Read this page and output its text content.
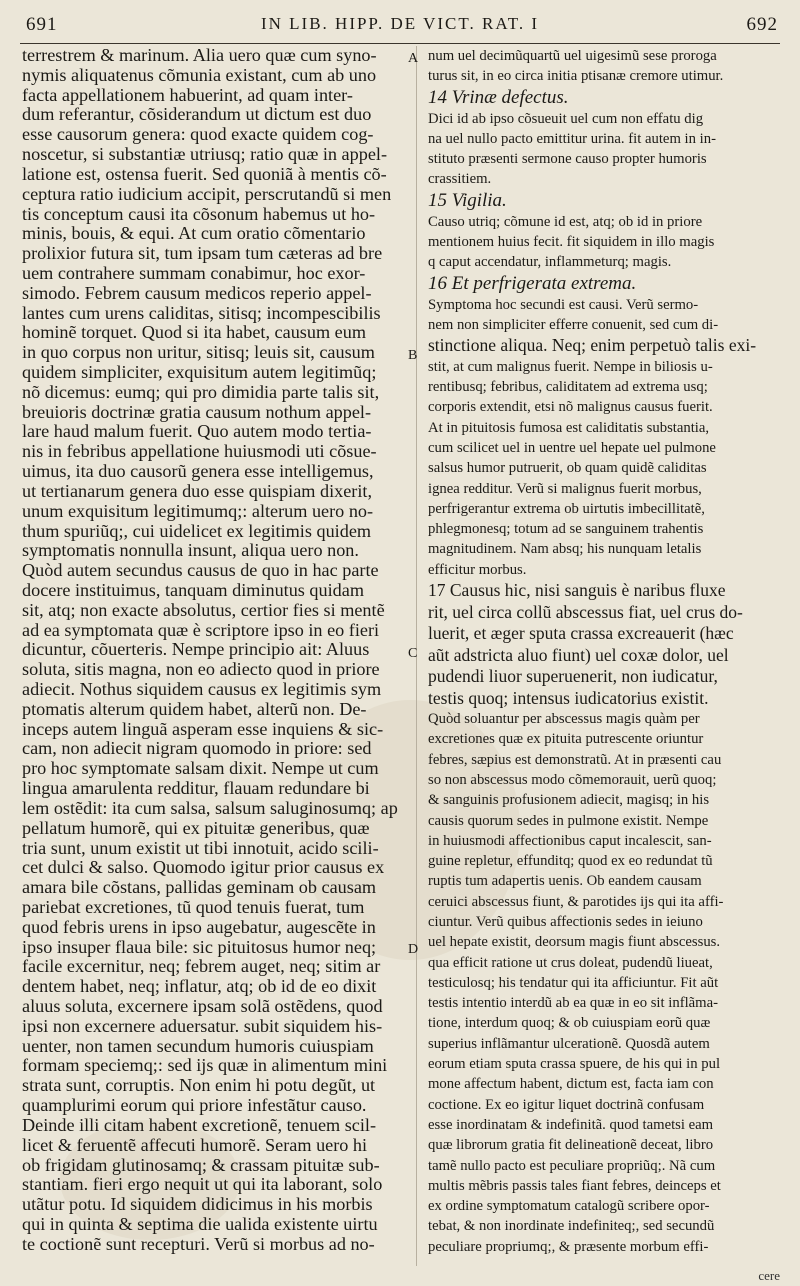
691	IN LIB. HIPP. DE VICT. RAT. I	692
terrestrem & marinum. Alia uero quæ cum syno-
nymis aliquatenus cõmunia existant, cum ab uno
facta appellationem habuerint, ad quam inter-
dum referantur, cõsiderandum ut dictum est duo
esse causorum genera: quod exacte quidem cog-
noscetur, si substantiæ utriusq; ratio quæ in appel-
latione est, ostensa fuerit. Sed quoniã à mentis cõ-
ceptura ratio iudicium accipit, perscrutandũ si men
tis conceptum causi ita cõsonum habemus ut ho-
minis, bouis, & equi. At cum oratio cõmentario
prolixior futura sit, tum ipsam tum cæteras ad bre
uem contrahere summam conabimur, hoc exor-
simodo. Febrem causum medicos reperio appel-
lantes cum urens caliditas, sitisq; incompescibilis
hominẽ torquet. Quod si ita habet, causum eum
in quo corpus non uritur, sitisq; leuis sit, causum
quidem simpliciter, exquisitum autem legitimũq;
nõ dicemus: eumq; qui pro dimidia parte talis sit,
breuioris doctrinæ gratia causum nothum appel-
lare haud malum fuerit. Quo autem modo tertia-
nis in febribus appellatione huiusmodi uti cõsue-
uimus, ita duo causorũ genera esse intelligemus,
ut tertianarum genera duo esse quispiam dixerit,
unum exquisitum legitimumq;: alterum uero no-
thum spuriũq;, cui uidelicet ex legitimis quidem
symptomatis nonnulla insunt, aliqua uero non.
Quòd autem secundus causus de quo in hac parte
docere instituimus, tanquam diminutus quidam
sit, atq; non exacte absolutus, certior fies si mentẽ
ad ea symptomata quæ è scriptore ipso in eo fieri
dicuntur, cõuerteris. Nempe principio ait: Aluus
soluta, sitis magna, non eo adiecto quod in priore
adiecit. Nothus siquidem causus ex legitimis sym
ptomatis alterum quidem habet, alterũ non. De-
inceps autem linguã asperam esse inquiens & sic-
cam, non adiecit nigram quomodo in priore: sed
pro hoc symptomate salsam dixit. Nempe ut cum
lingua amarulenta redditur, flauam redundare bi
lem ostẽdit: ita cum salsa, salsum saluginosumq; ap
pellatum humorẽ, qui ex pituitæ generibus, quæ
tria sunt, unum existit ut tibi innotuit, acido scili-
cet dulci & salso. Quomodo igitur prior causus ex
amara bile cõstans, pallidas geminam ob causam
pariebat excretiones, tũ quod tenuis fuerat, tum
quod febris urens in ipso augebatur, augescẽte in
ipso insuper flaua bile: sic pituitosus humor neq;
facile excernitur, neq; febrem auget, neq; sitim ar
dentem habet, neq; inflatur, atq; ob id de eo dixit
aluus soluta, excernere ipsam solã ostẽdens, quod
ipsi non excernere aduersatur. subit siquidem his-
uenter, non tamen secundum humoris cuiuspiam
formam speciemq;: sed ijs quæ in alimentum mini
strata sunt, corruptis. Non enim hi potu degũt, ut
quamplurimi eorum qui priore infestãtur causo.
Deinde illi citam habent excretionẽ, tenuem scil-
licet & feruentẽ affecuti humorẽ. Seram uero hi
ob frigidam glutinosamq; & crassam pituitæ sub-
stantiam. fieri ergo nequit ut qui ita laborant, solo
utãtur potu. Id siquidem didicimus in his morbis
qui in quinta & septima die ualida existente uirtu
te coctionẽ sunt recepturi. Verũ si morbus ad no-
A
B
C
D
num uel decimũquartũ uel uigesimũ sese proroga
turus sit, in eo circa initia ptisanæ cremore utimur.
14 Vrinæ defectus.
Dici id ab ipso cõsueuit uel cum non effatu dig
na uel nullo pacto emittitur urina. fit autem in in-
stituto præsenti sermone causo propter humoris
crassitiem.
15 Vigilia.
Causo utriq; cõmune id est, atq; ob id in priore
mentionem huius fecit. fit siquidem in illo magis
q caput accendatur, inflammeturq; magis.
16 Et perfrigerata extrema.
Symptoma hoc secundi est causi. Verũ sermo-
nem non simpliciter efferre conuenit, sed cum di-
stinctione aliqua. Neq; enim perpetuò talis exi-
stit, at cum malignus fuerit. Nempe in biliosis u-
rentibusq; febribus, caliditatem ad extrema usq;
corporis extendit, etsi nõ malignus causus fuerit.
At in pituitosis fumosa est caliditatis substantia,
cum scilicet uel in uentre uel hepate uel pulmone
salsus humor putruerit, ob quam quidẽ caliditas
ignea redditur. Verũ si malignus fuerit morbus,
perfrigerantur extrema ob uirtutis imbecillitatẽ,
phlegmonesq; totum ad se sanguinem trahentis
magnitudinem. Nam absq; his nunquam letalis
efficitur morbus.
17 Causus hic, nisi sanguis è naribus fluxe
rit, uel circa collũ abscessus fiat, uel crus do-
luerit, et æger sputa crassa excreauerit (hæc
aũt adstricta aluo fiunt) uel coxæ dolor, uel
pudendi liuor superuenerit, non iudicatur,
testis quoq; intensus iudicatorius existit.
Quòd soluantur per abscessus magis quàm per
excretiones quæ ex pituita putrescente oriuntur
febres, sæpius est demonstratũ. At in præsenti cau
so non abscessus modo cõmemorauit, uerũ quoq;
& sanguinis profusionem adiecit, magisq; in his
causis quorum sedes in pulmone existit. Nempe
in huiusmodi affectionibus caput incalescit, san-
guine repletur, effunditq; quod ex eo redundat tũ
ruptis tum adapertis uenis. Ob eandem causam
ceruici abscessus fiunt, & parotides ijs qui ita affi-
ciuntur. Verũ quibus affectionis sedes in ieiuno
uel hepate existit, deorsum magis fiunt abscessus.
qua efficit ratione ut crus doleat, pudendũ liueat,
testiculosq; his tendatur qui ita afficiuntur. Fit aũt
testis intentio interdũ ab ea quæ in eo sit inflãma-
tione, interdum quoq; & ob cuiuspiam eorũ quæ
superius inflãmantur ulcerationẽ. Quosdã autem
eorum etiam sputa crassa spuere, de his qui in pul
mone affectum habent, dictum est, facta iam con
coctione. Ex eo igitur liquet doctrinã confusam
esse inordinatam & indefinitã. quod tametsi eam
quæ librorum gratia fit delineationẽ deceat, libro
tamẽ nullo pacto est peculiare propriũq;. Nã cum
multis mẽbris passis tales fiant febres, deinceps et
ex ordine symptomatum catalogũ scribere opor-
tebat, & non inordinate indefiniteq;, sed secundũ
peculiare propriumq;, & præsente morbum effi-
cere
